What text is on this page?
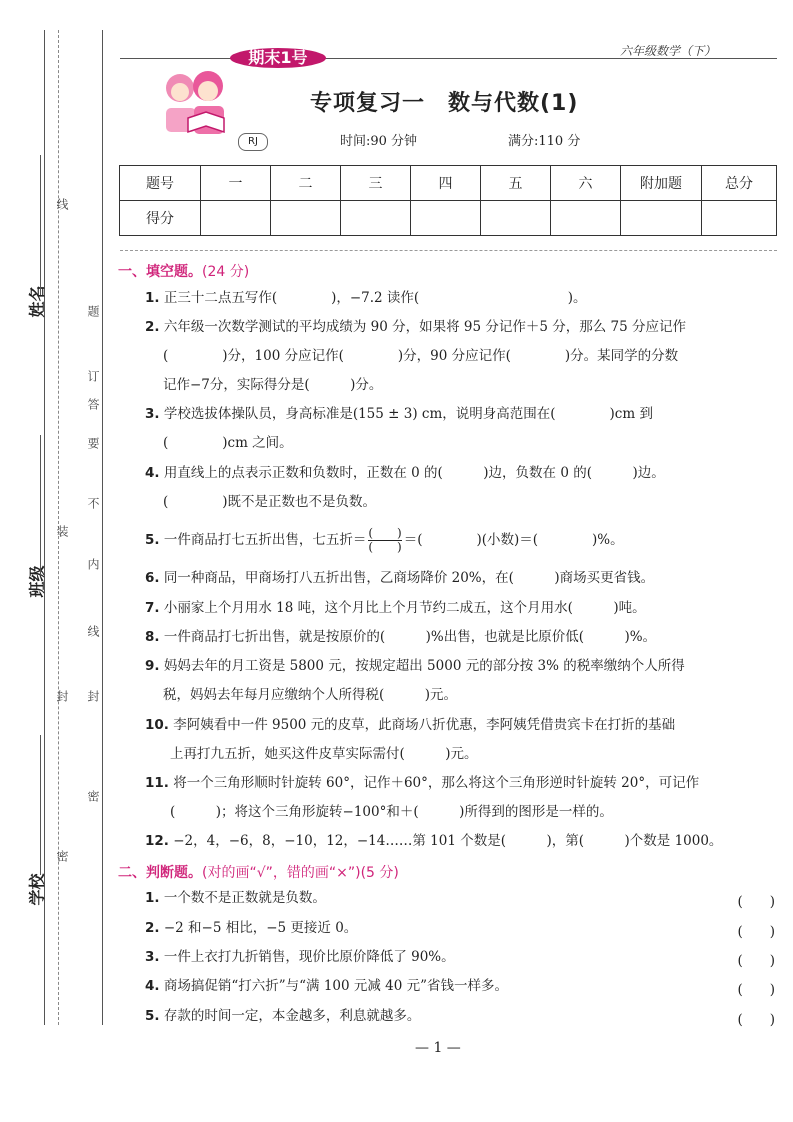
姓名
班级
学校
线
装
封
密
订
题
答
要
不
内
线
封
密
期末1号	六年级数学（下）
专项复习一　数与代数(1)
RJ	时间:90 分钟	满分:110 分
题号	一	二	三	四	五	六	附加题	总分
得分								
一、填空题。(24 分)
1. 正三十二点五写作(　　　　)，−7.2 读作(　　　　　　　　　　　)。
2. 六年级一次数学测试的平均成绩为 90 分，如果将 95 分记作＋5 分，那么 75 分应记作
(　　　　)分，100 分应记作(　　　　)分，90 分应记作(　　　　)分。某同学的分数
记作−7分，实际得分是(　　　)分。
3. 学校选拔体操队员，身高标准是(155 ± 3) cm，说明身高范围在(　　　　)cm 到
(　　　　)cm 之间。
4. 用直线上的点表示正数和负数时，正数在 0 的(　　　)边，负数在 0 的(　　　)边。
(　　　　)既不是正数也不是负数。
5. 一件商品打七五折出售，七五折＝ $\frac{( )}{( )}$ ＝(　　　　)(小数)＝(　　　　)%。
6. 同一种商品，甲商场打八五折出售，乙商场降价 20%，在(　　　)商场买更省钱。
7. 小丽家上个月用水 18 吨，这个月比上个月节约二成五，这个月用水(　　　)吨。
8. 一件商品打七折出售，就是按原价的(　　　)%出售，也就是比原价低(　　　)%。
9. 妈妈去年的月工资是 5800 元，按规定超出 5000 元的部分按 3% 的税率缴纳个人所得
税，妈妈去年每月应缴纳个人所得税(　　　)元。
10. 李阿姨看中一件 9500 元的皮草，此商场八折优惠，李阿姨凭借贵宾卡在打折的基础
上再打九五折，她买这件皮草实际需付(　　　)元。
11. 将一个三角形顺时针旋转 60°，记作＋60°，那么将这个三角形逆时针旋转 20°，可记作
(　　　)；将这个三角形旋转−100°和＋(　　　)所得到的图形是一样的。
12. −2，4，−6，8，−10，12，−14……第 101 个数是(　　　)，第(　　　)个数是 1000。
二、判断题。(对的画“√”，错的画“×”)(5 分)
1. 一个数不是正数就是负数。	(　　)
2. −2 和−5 相比，−5 更接近 0。	(　　)
3. 一件上衣打九折销售，现价比原价降低了 90%。	(　　)
4. 商场搞促销“打六折”与“满 100 元减 40 元”省钱一样多。	(　　)
5. 存款的时间一定，本金越多，利息就越多。	(　　)
— 1 —
